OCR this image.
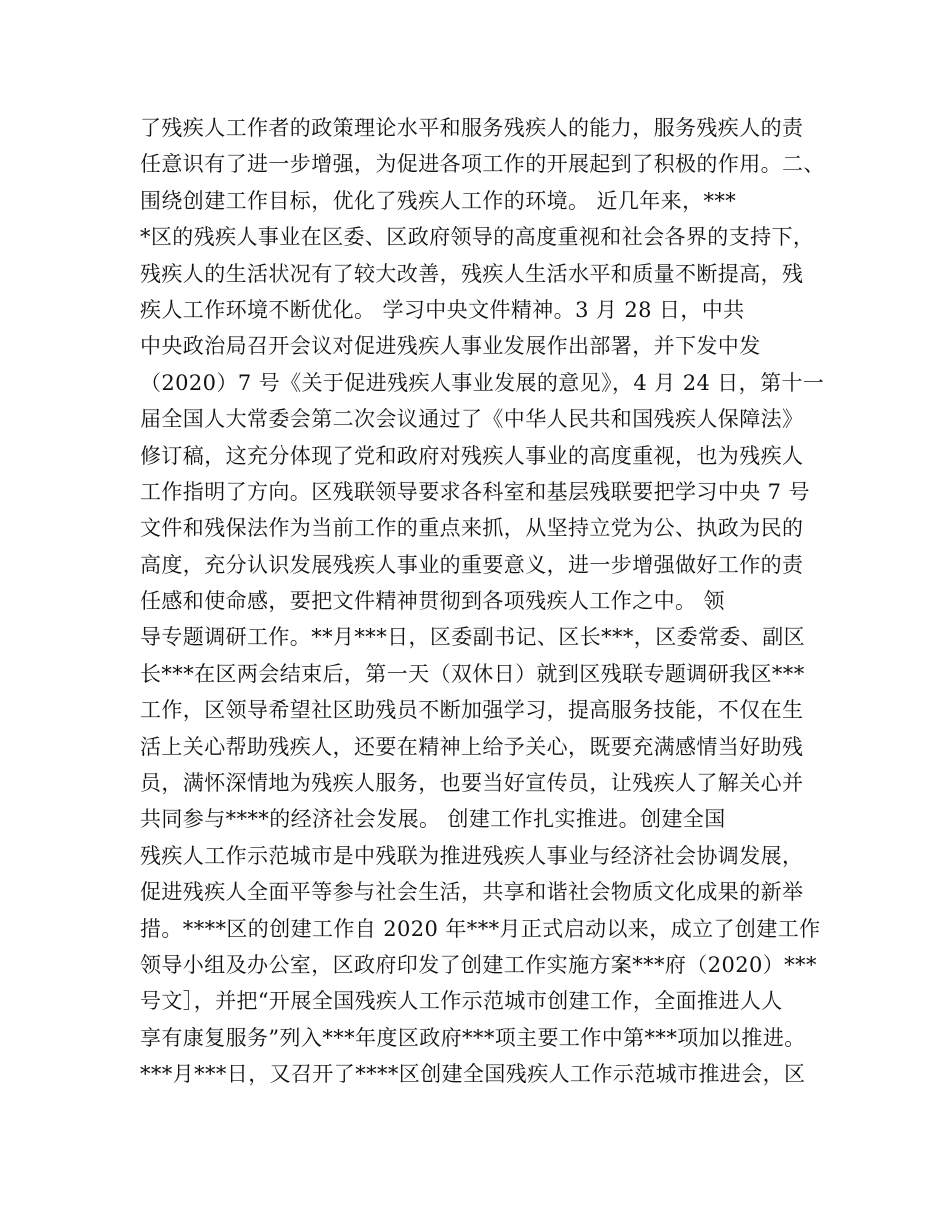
了残疾人工作者的政策理论水平和服务残疾人的能力，服务残疾人的责
任意识有了进一步增强，为促进各项工作的开展起到了积极的作用。二、
围绕创建工作目标，优化了残疾人工作的环境。 近几年来，***
*区的残疾人事业在区委、区政府领导的高度重视和社会各界的支持下，
残疾人的生活状况有了较大改善，残疾人生活水平和质量不断提高，残
疾人工作环境不断优化。 学习中央文件精神。3 月 28 日，中共
中央政治局召开会议对促进残疾人事业发展作出部署，并下发中发
（2020）7 号《关于促进残疾人事业发展的意见》，4 月 24 日，第十一
届全国人大常委会第二次会议通过了《中华人民共和国残疾人保障法》
修订稿，这充分体现了党和政府对残疾人事业的高度重视，也为残疾人
工作指明了方向。区残联领导要求各科室和基层残联要把学习中央 7 号
文件和残保法作为当前工作的重点来抓，从坚持立党为公、执政为民的
高度，充分认识发展残疾人事业的重要意义，进一步增强做好工作的责
任感和使命感，要把文件精神贯彻到各项残疾人工作之中。 领
导专题调研工作。**月***日，区委副书记、区长***，区委常委、副区
长***在区两会结束后，第一天（双休日）就到区残联专题调研我区***
工作，区领导希望社区助残员不断加强学习，提高服务技能，不仅在生
活上关心帮助残疾人，还要在精神上给予关心，既要充满感情当好助残
员，满怀深情地为残疾人服务，也要当好宣传员，让残疾人了解关心并
共同参与****的经济社会发展。 创建工作扎实推进。创建全国
残疾人工作示范城市是中残联为推进残疾人事业与经济社会协调发展，
促进残疾人全面平等参与社会生活，共享和谐社会物质文化成果的新举
措。****区的创建工作自 2020 年***月正式启动以来，成立了创建工作
领导小组及办公室，区政府印发了创建工作实施方案***府（2020）***
号文］，并把“开展全国残疾人工作示范城市创建工作，全面推进人人
享有康复服务”列入***年度区政府***项主要工作中第***项加以推进。
***月***日，又召开了****区创建全国残疾人工作示范城市推进会，区
